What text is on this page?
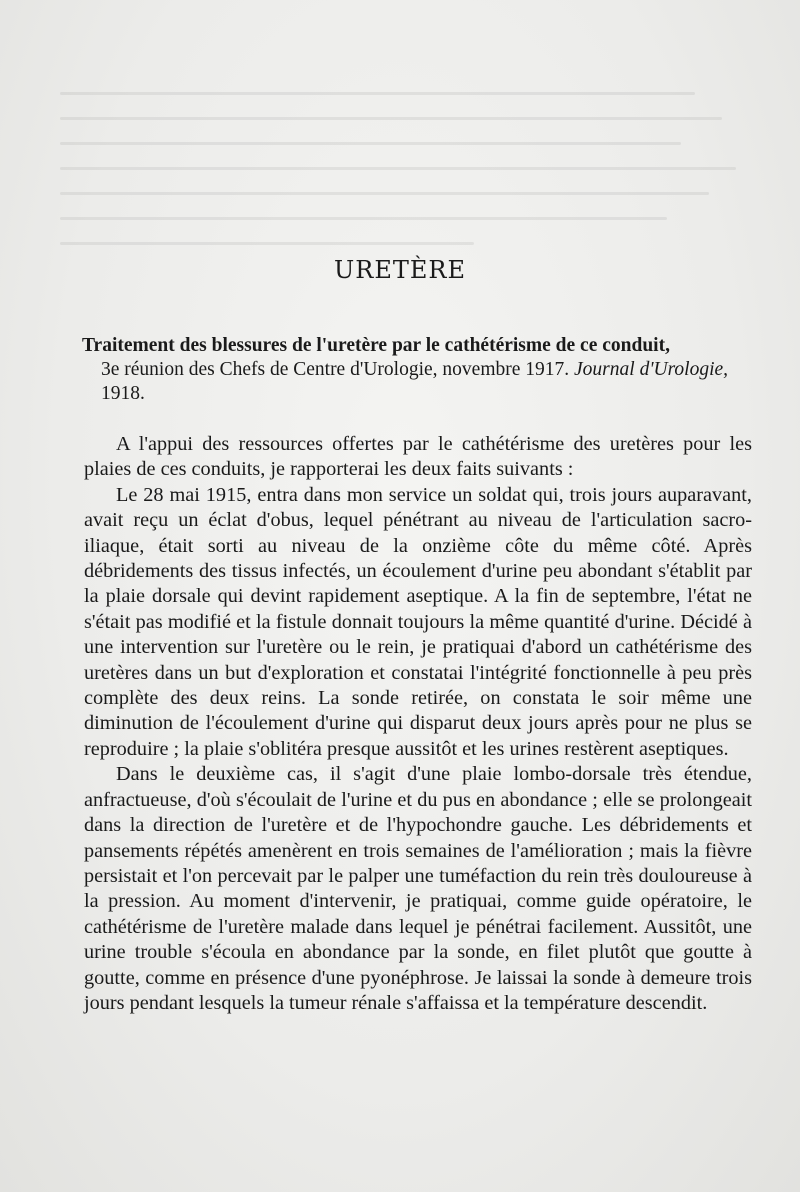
URETÈRE
Traitement des blessures de l'uretère par le cathétérisme de ce conduit,
3e réunion des Chefs de Centre d'Urologie, novembre 1917. Journal d'Urologie, 1918.

A l'appui des ressources offertes par le cathétérisme des uretères pour les plaies de ces conduits, je rapporterai les deux faits suivants :

Le 28 mai 1915, entra dans mon service un soldat qui, trois jours auparavant, avait reçu un éclat d'obus, lequel pénétrant au niveau de l'articulation sacro-iliaque, était sorti au niveau de la onzième côte du même côté. Après débridements des tissus infectés, un écoulement d'urine peu abondant s'établit par la plaie dorsale qui devint rapidement aseptique. A la fin de septembre, l'état ne s'était pas modifié et la fistule donnait toujours la même quantité d'urine. Décidé à une intervention sur l'uretère ou le rein, je pratiquai d'abord un cathétérisme des uretères dans un but d'exploration et constatai l'intégrité fonctionnelle à peu près complète des deux reins. La sonde retirée, on constata le soir même une diminution de l'écoulement d'urine qui disparut deux jours après pour ne plus se reproduire ; la plaie s'oblitéra presque aussitôt et les urines restèrent aseptiques.

Dans le deuxième cas, il s'agit d'une plaie lombo-dorsale très étendue, anfractueuse, d'où s'écoulait de l'urine et du pus en abondance ; elle se prolongeait dans la direction de l'uretère et de l'hypochondre gauche. Les débridements et pansements répétés amenèrent en trois semaines de l'amélioration ; mais la fièvre persistait et l'on percevait par le palper une tuméfaction du rein très douloureuse à la pression. Au moment d'intervenir, je pratiquai, comme guide opératoire, le cathétérisme de l'uretère malade dans lequel je pénétrai facilement. Aussitôt, une urine trouble s'écoula en abondance par la sonde, en filet plutôt que goutte à goutte, comme en présence d'une pyonéphrose. Je laissai la sonde à demeure trois jours pendant lesquels la tumeur rénale s'affaissa et la température descendit.
